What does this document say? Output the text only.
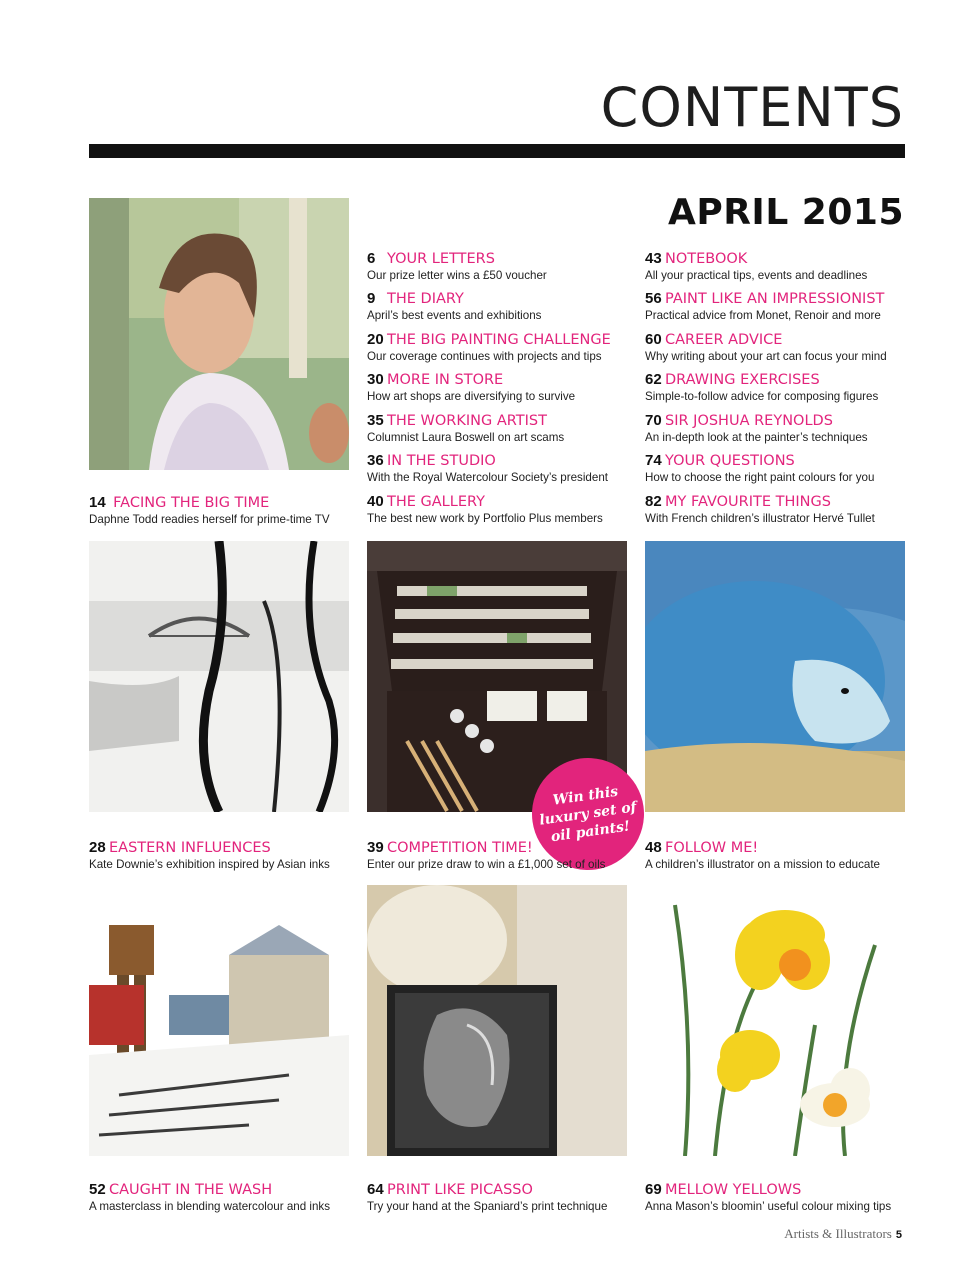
CONTENTS
APRIL 2015
14 FACING THE BIG TIME
Daphne Todd readies herself for prime-time TV
6 YOUR LETTERS
Our prize letter wins a £50 voucher
9 THE DIARY
April’s best events and exhibitions
20 THE BIG PAINTING CHALLENGE
Our coverage continues with projects and tips
30 MORE IN STORE
How art shops are diversifying to survive
35 THE WORKING ARTIST
Columnist Laura Boswell on art scams
36 IN THE STUDIO
With the Royal Watercolour Society’s president
40 THE GALLERY
The best new work by Portfolio Plus members
43 NOTEBOOK
All your practical tips, events and deadlines
56 PAINT LIKE AN IMPRESSIONIST
Practical advice from Monet, Renoir and more
60 CAREER ADVICE
Why writing about your art can focus your mind
62 DRAWING EXERCISES
Simple-to-follow advice for composing figures
70 SIR JOSHUA REYNOLDS
An in-depth look at the painter’s techniques
74 YOUR QUESTIONS
How to choose the right paint colours for you
82 MY FAVOURITE THINGS
With French children’s illustrator Hervé Tullet
Win this
luxury set of
oil paints!
28 EASTERN INFLUENCES
Kate Downie’s exhibition inspired by Asian inks
39 COMPETITION TIME!
Enter our prize draw to win a £1,000 set of oils
48 FOLLOW ME!
A children’s illustrator on a mission to educate
52 CAUGHT IN THE WASH
A masterclass in blending watercolour and inks
64 PRINT LIKE PICASSO
Try your hand at the Spaniard’s print technique
69 MELLOW YELLOWS
Anna Mason’s bloomin’ useful colour mixing tips
Artists & Illustrators 5
